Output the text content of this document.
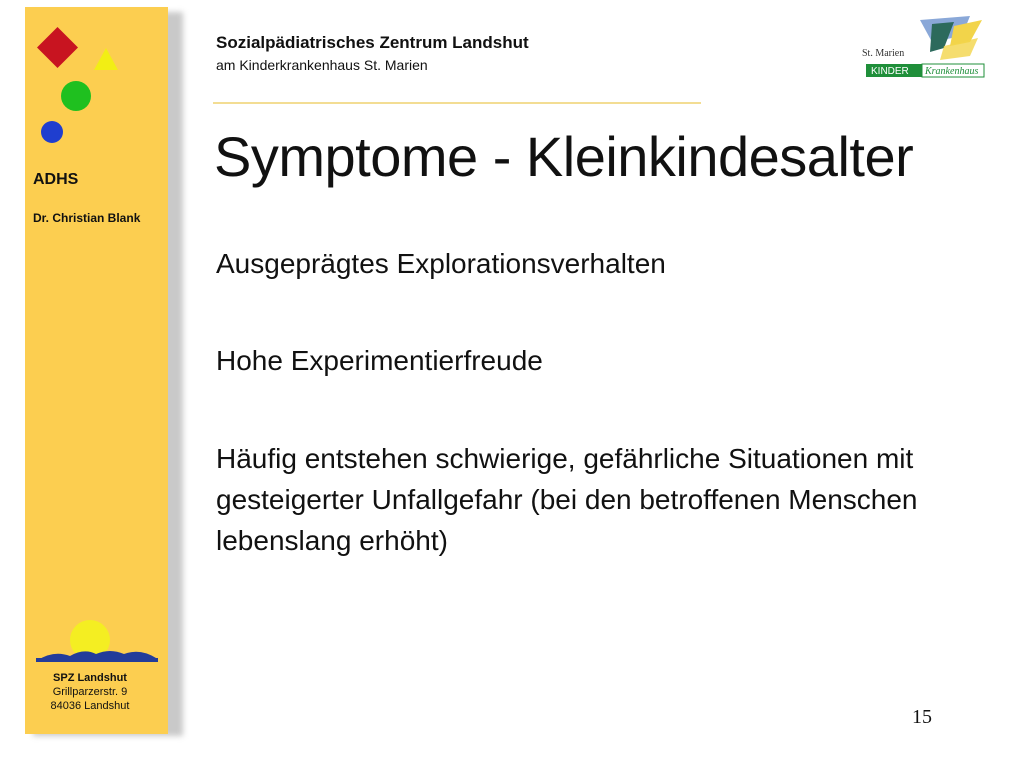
ADHS
Dr. Christian Blank
SPZ Landshut
Grillparzerstr. 9
84036 Landshut
Sozialpädiatrisches Zentrum Landshut
am Kinderkrankenhaus St. Marien
St. Marien
KINDER Krankenhaus
Symptome - Kleinkindesalter
Ausgeprägtes Explorationsverhalten
Hohe Experimentierfreude
Häufig entstehen schwierige, gefährliche Situationen mit gesteigerter Unfallgefahr (bei den betroffenen Menschen lebenslang erhöht)
15
